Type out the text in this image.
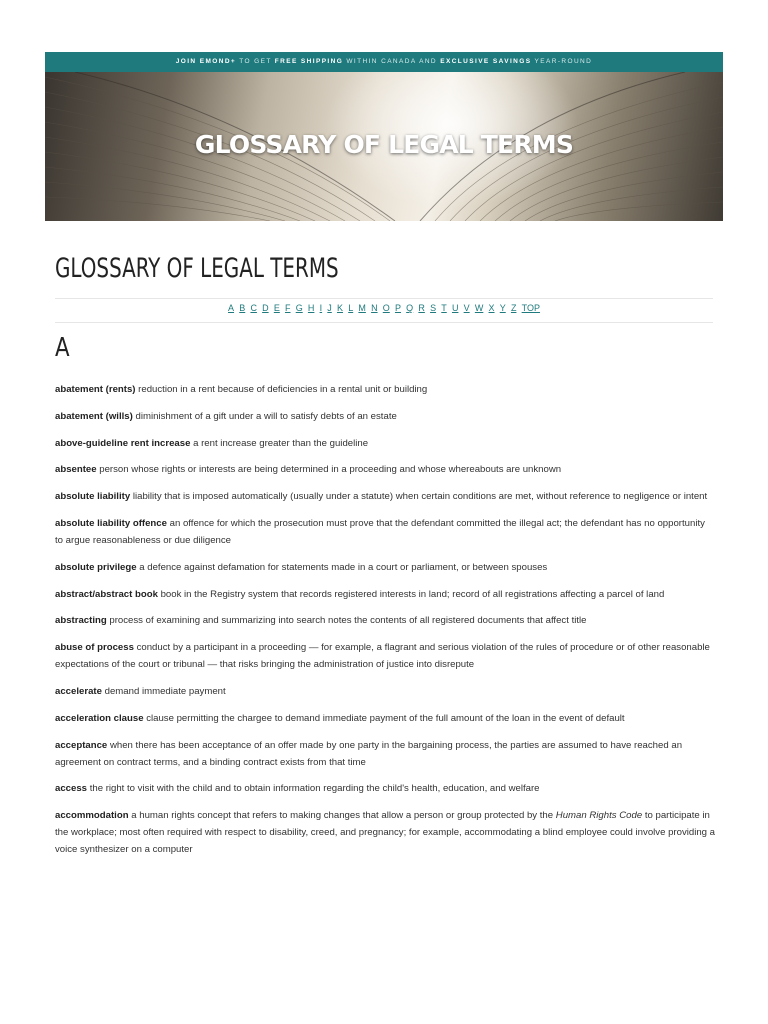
JOIN EMOND+ TO GET FREE SHIPPING WITHIN CANADA AND EXCLUSIVE SAVINGS YEAR-ROUND
GLOSSARY OF LEGAL TERMS
GLOSSARY OF LEGAL TERMS
A B C D E F G H I J K L M N O P Q R S T U V W X Y Z TOP
A

abatement (rents) reduction in a rent because of deficiencies in a rental unit or building

abatement (wills) diminishment of a gift under a will to satisfy debts of an estate

above-guideline rent increase a rent increase greater than the guideline

absentee person whose rights or interests are being determined in a proceeding and whose whereabouts are unknown

absolute liability liability that is imposed automatically (usually under a statute) when certain conditions are met, without reference to negligence or intent

absolute liability offence an offence for which the prosecution must prove that the defendant committed the illegal act; the defendant has no opportunity to argue reasonableness or due diligence

absolute privilege a defence against defamation for statements made in a court or parliament, or between spouses

abstract/abstract book book in the Registry system that records registered interests in land; record of all registrations affecting a parcel of land

abstracting process of examining and summarizing into search notes the contents of all registered documents that affect title

abuse of process conduct by a participant in a proceeding — for example, a flagrant and serious violation of the rules of procedure or of other reasonable expectations of the court or tribunal — that risks bringing the administration of justice into disrepute

accelerate demand immediate payment

acceleration clause clause permitting the chargee to demand immediate payment of the full amount of the loan in the event of default

acceptance when there has been acceptance of an offer made by one party in the bargaining process, the parties are assumed to have reached an agreement on contract terms, and a binding contract exists from that time

access the right to visit with the child and to obtain information regarding the child's health, education, and welfare

accommodation a human rights concept that refers to making changes that allow a person or group protected by the Human Rights Code to participate in the workplace; most often required with respect to disability, creed, and pregnancy; for example, accommodating a blind employee could involve providing a voice synthesizer on a computer
